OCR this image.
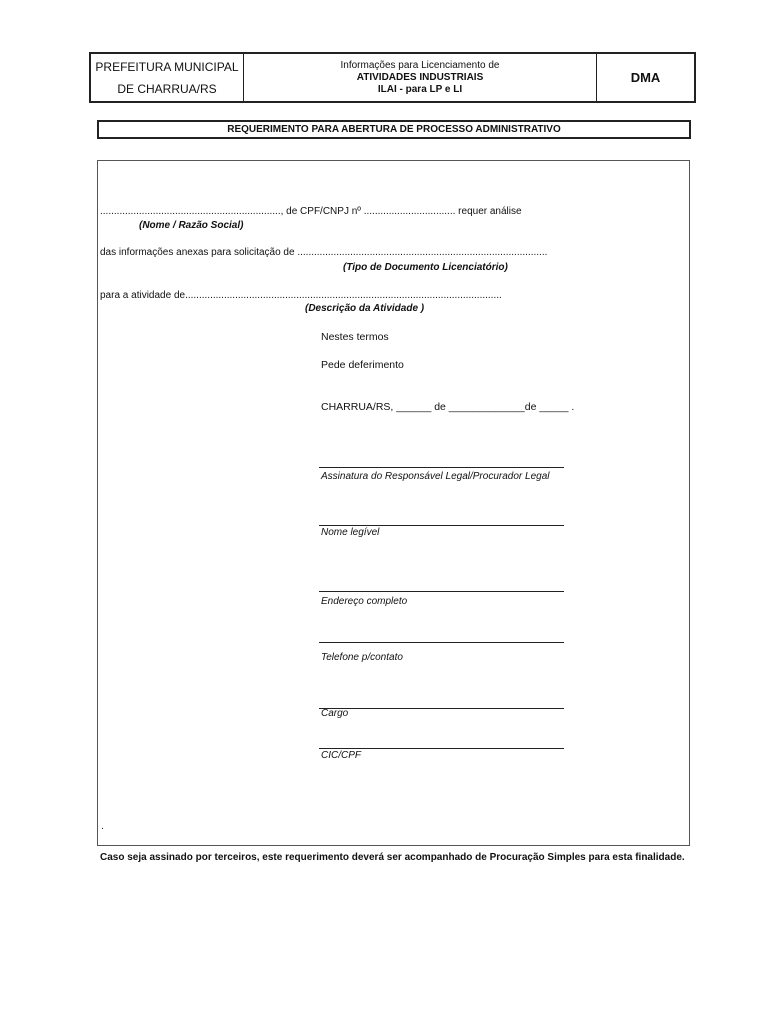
PREFEITURA MUNICIPAL
DE CHARRUA/RS
Informações para Licenciamento de
ATIVIDADES INDUSTRIAIS
ILAI - para LP e LI
DMA
REQUERIMENTO PARA ABERTURA DE PROCESSO ADMINISTRATIVO
................................................................., de CPF/CNPJ nº ................................. requer análise
(Nome / Razão Social)
das informações anexas para solicitação de ..........................................................................................
(Tipo de Documento Licenciatório)
para a atividade de..................................................................................................................
(Descrição da Atividade )
Nestes termos
Pede deferimento
CHARRUA/RS, ______ de _____________de _____ .
Assinatura do Responsável Legal/Procurador Legal
Nome legível
Endereço completo
Telefone p/contato
Cargo
CIC/CPF
.
Caso seja assinado por terceiros, este requerimento deverá ser acompanhado de Procuração Simples para esta finalidade.
